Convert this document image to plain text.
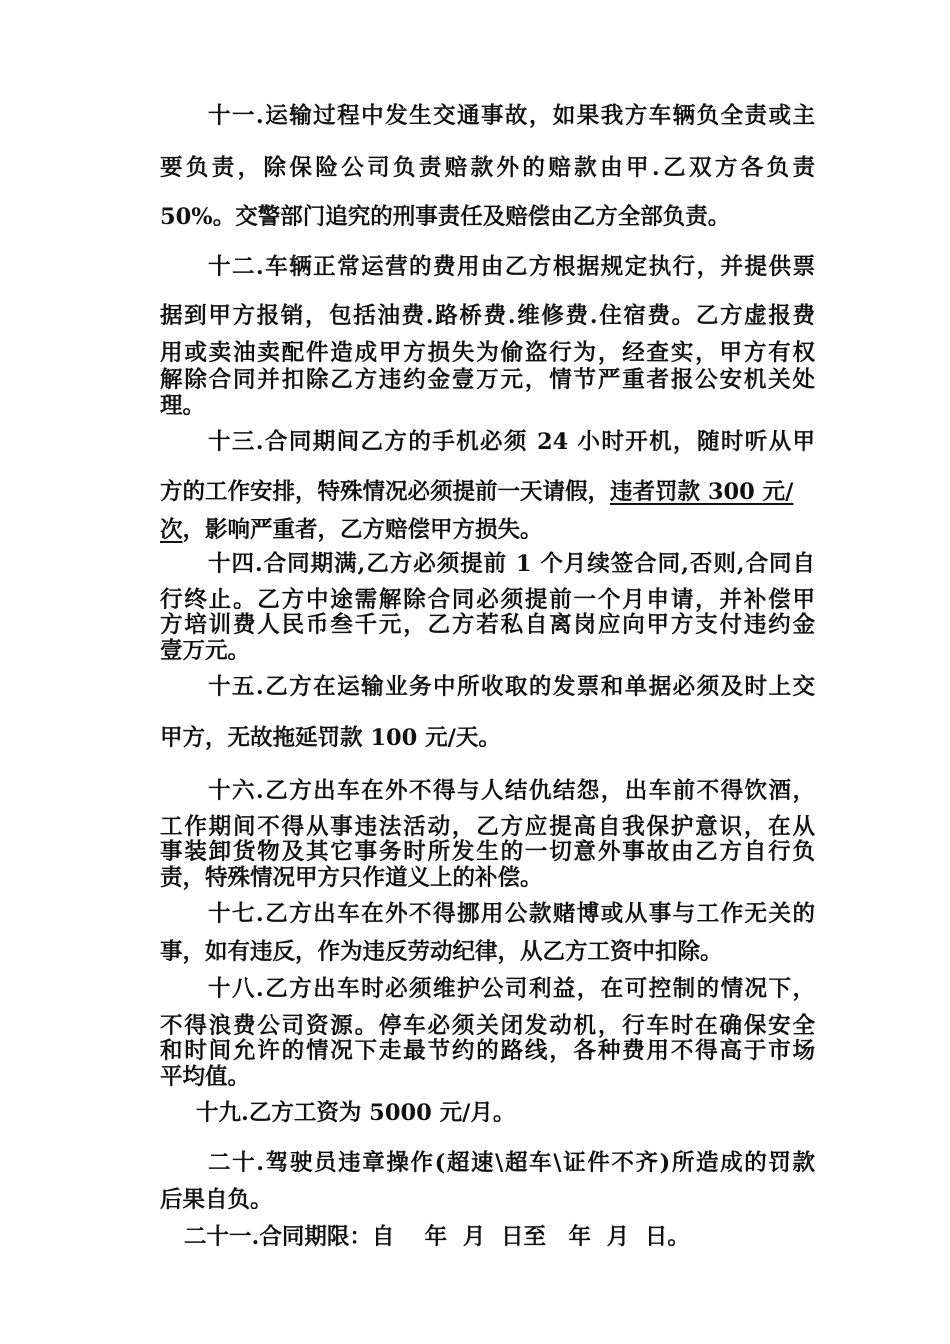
十一.运输过程中发生交通事故，如果我方车辆负全责或主
要负责，除保险公司负责赔款外的赔款由甲.乙双方各负责
50%。交警部门追究的刑事责任及赔偿由乙方全部负责。
十二.车辆正常运营的费用由乙方根据规定执行，并提供票
据到甲方报销，包括油费.路桥费.维修费.住宿费。乙方虚报费
用或卖油卖配件造成甲方损失为偷盗行为，经查实，甲方有权
解除合同并扣除乙方违约金壹万元，情节严重者报公安机关处
理。
十三.合同期间乙方的手机必须 24 小时开机，随时听从甲
方的工作安排，特殊情况必须提前一天请假，违者罚款 300 元/
次，影响严重者，乙方赔偿甲方损失。
十四.合同期满,乙方必须提前 1 个月续签合同,否则,合同自
行终止。乙方中途需解除合同必须提前一个月申请，并补偿甲
方培训费人民币叁千元，乙方若私自离岗应向甲方支付违约金
壹万元。
十五.乙方在运输业务中所收取的发票和单据必须及时上交
甲方，无故拖延罚款 100 元/天。
十六.乙方出车在外不得与人结仇结怨，出车前不得饮酒，
工作期间不得从事违法活动，乙方应提高自我保护意识，在从
事装卸货物及其它事务时所发生的一切意外事故由乙方自行负
责，特殊情况甲方只作道义上的补偿。
十七.乙方出车在外不得挪用公款赌博或从事与工作无关的
事，如有违反，作为违反劳动纪律，从乙方工资中扣除。
十八.乙方出车时必须维护公司利益，在可控制的情况下，
不得浪费公司资源。停车必须关闭发动机，行车时在确保安全
和时间允许的情况下走最节约的路线，各种费用不得高于市场
平均值。
十九.乙方工资为 5000 元/月。
二十.驾驶员违章操作(超速\超车\证件不齐)所造成的罚款
后果自负。
二十一.合同期限：自　 年  月  日至　年  月  日。
